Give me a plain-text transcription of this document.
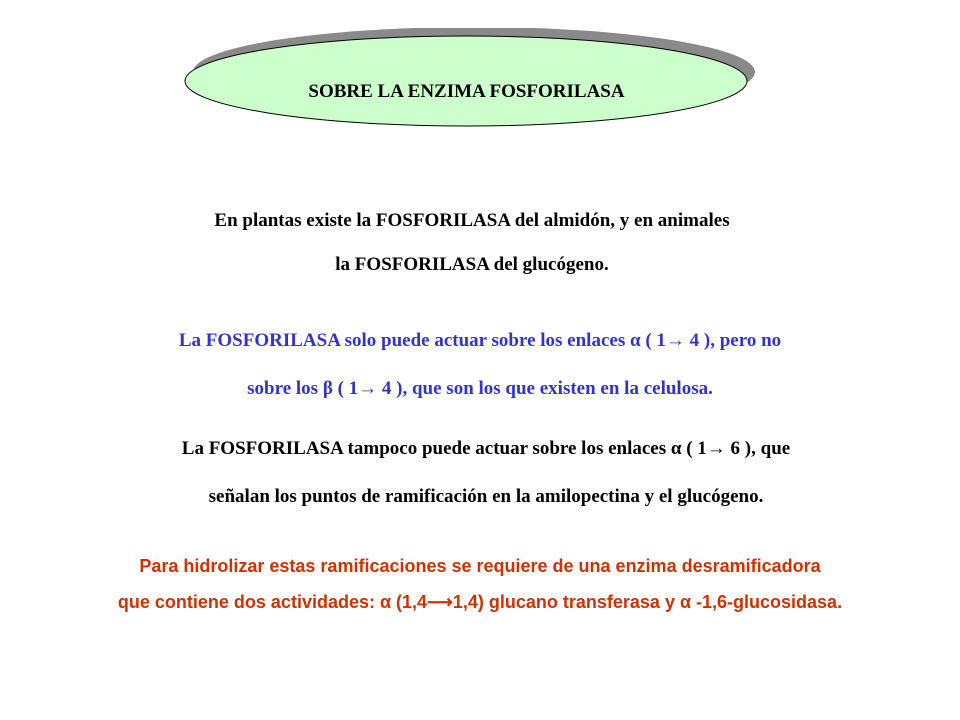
SOBRE LA ENZIMA FOSFORILASA
En plantas existe la FOSFORILASA del almidón, y en animales
la FOSFORILASA del glucógeno.
La FOSFORILASA solo puede actuar sobre los enlaces α ( 1→ 4 ), pero no
sobre los β ( 1→ 4 ), que son los que existen en la celulosa.
La FOSFORILASA tampoco puede actuar sobre los enlaces α ( 1→ 6 ), que
señalan los puntos de ramificación en la amilopectina y el glucógeno.
Para hidrolizar estas ramificaciones se requiere de una enzima desramificadora
que contiene dos actividades: α (1,4⟶1,4) glucano transferasa y α -1,6-glucosidasa.
